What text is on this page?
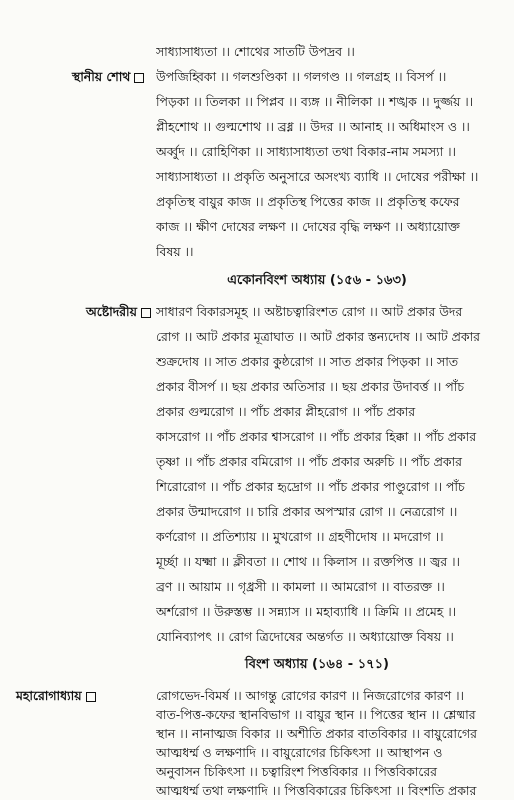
সাধ্যাসাধ্যতা ।। শোথের সাতটি উপদ্রব ।।
স্থানীয় শোথ	উপজিহ্বিকা ।। গলশুণ্ডিকা ।। গলগণ্ড ।। গলগ্রহ ।। বিসর্প ।।
পিড়কা ।। তিলকা ।। পিপ্লব ।। ব্যঙ্গ ।। নীলিকা ।। শঙ্খক ।। দুর্জ্জয় ।।
প্লীহশোথ ।। গুল্মশোথ ।। ব্রধ্ন ।। উদর ।। আনাহ ।। অধিমাংস ও ।।
অর্ব্বুদ ।। রোহিণিকা ।। সাধ্যাসাধ্যতা তথা বিকার-নাম সমস্যা ।।
সাধ্যাসাধ্যতা ।। প্রকৃতি অনুসারে অসংখ্য ব্যাধি ।। দোষের পরীক্ষা ।।
প্রকৃতিস্থ বায়ুর কাজ ।। প্রকৃতিস্থ পিত্তের কাজ ।। প্রকৃতিস্থ কফের
কাজ ।। ক্ষীণ দোষের লক্ষণ ।। দোষের বৃদ্ধি লক্ষণ ।। অধ্যায়োক্ত
বিষয় ।।
একোনবিংশ অধ্যায় (১৫৬ - ১৬৩)
অষ্টোদরীয়	সাধারণ বিকারসমূহ ।। অষ্টাচত্বারিংশত রোগ ।। আট প্রকার উদর
রোগ ।। আট প্রকার মূত্রাঘাত ।। আট প্রকার স্তন্যদোষ ।। আট প্রকার
শুক্রদোষ ।। সাত প্রকার কুষ্ঠরোগ ।। সাত প্রকার পিড়কা ।। সাত
প্রকার বীসর্প ।। ছয় প্রকার অতিসার ।। ছয় প্রকার উদাবর্ত্ত ।। পাঁচ
প্রকার গুল্মরোগ ।। পাঁচ প্রকার প্লীহরোগ ।। পাঁচ প্রকার
কাসরোগ ।। পাঁচ প্রকার শ্বাসরোগ ।। পাঁচ প্রকার হিক্কা ।। পাঁচ প্রকার
তৃষ্ণা ।। পাঁচ প্রকার বমিরোগ ।। পাঁচ প্রকার অরুচি ।। পাঁচ প্রকার
শিরোরোগ ।। পাঁচ প্রকার হৃদ্রোগ ।। পাঁচ প্রকার পাণ্ডুরোগ ।। পাঁচ
প্রকার উন্মাদরোগ ।। চারি প্রকার অপস্মার রোগ ।। নেত্ররোগ ।।
কর্ণরোগ ।। প্রতিশ্যায় ।। মুখরোগ ।। গ্রহণীদোষ ।। মদরোগ ।।
মূর্চ্ছা ।। যক্ষ্মা ।। ক্লীবতা ।। শোথ ।। কিলাস ।। রক্তপিত্ত ।। জ্বর ।।
ব্রণ ।। আয়াম ।। গৃধ্রসী ।। কামলা ।। আমরোগ ।। বাতরক্ত ।।
অর্শরোগ ।। উরুস্তম্ভ ।। সন্ন্যাস ।। মহাব্যাধি ।। ক্রিমি ।। প্রমেহ ।।
যোনিব্যাপৎ ।। রোগ ত্রিদোষের অন্তর্গত ।। অধ্যায়োক্ত বিষয় ।।
বিংশ অধ্যায় (১৬৪ - ১৭১)
মহারোগাধ্যায়	রোগভেদ-বিমর্ষ ।। আগন্তু রোগের কারণ ।। নিজরোগের কারণ ।।
বাত-পিত্ত-কফের স্থানবিভাগ ।। বায়ুর স্থান ।। পিত্তের স্থান ।। শ্লেষ্মার
স্থান ।। নানাত্মজ বিকার ।। অশীতি প্রকার বাতবিকার ।। বায়ুরোগের
আত্মধর্ম্ম ও লক্ষণাদি ।। বায়ুরোগের চিকিৎসা ।। আস্থাপন ও
অনুবাসন চিকিৎসা ।। চত্বারিংশ পিত্তবিকার ।। পিত্তবিকারের
আত্মধর্ম্ম তথা লক্ষণাদি ।। পিত্তবিকারের চিকিৎসা ।। বিংশতি প্রকার
